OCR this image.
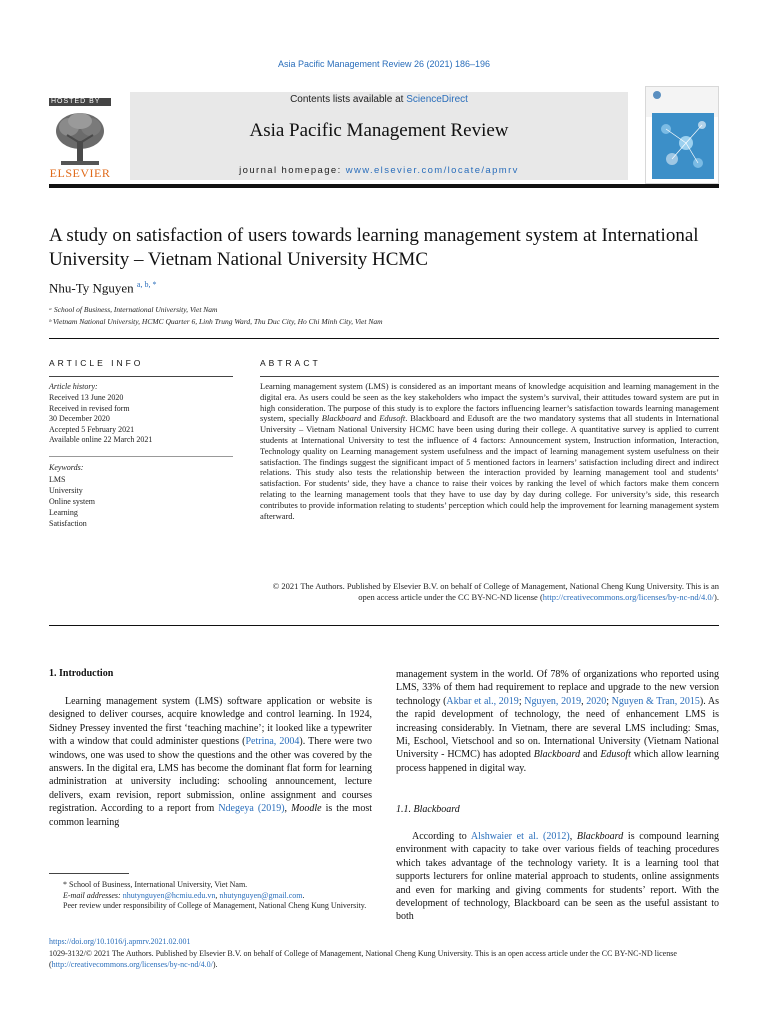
Asia Pacific Management Review 26 (2021) 186–196
HOSTED BY
ELSEVIER
Contents lists available at ScienceDirect
Asia Pacific Management Review
journal homepage: www.elsevier.com/locate/apmrv
A study on satisfaction of users towards learning management system at International University – Vietnam National University HCMC
Nhu-Ty Nguyen $^{a, b, *}$
ᵃ School of Business, International University, Viet Nam
ᵇ Vietnam National University, HCMC Quarter 6, Linh Trung Ward, Thu Duc City, Ho Chi Minh City, Viet Nam
ARTICLE INFO
Article history:
Received 13 June 2020
Received in revised form
30 December 2020
Accepted 5 February 2021
Available online 22 March 2021
Keywords:
LMS
University
Online system
Learning
Satisfaction
ABTRACT
Learning management system (LMS) is considered as an important means of knowledge acquisition and learning management in the digital era. As users could be seen as the key stakeholders who impact the system’s survival, their attitudes toward system are put in high consideration. The purpose of this study is to explore the factors influencing learner’s satisfaction towards learning management system, specially Blackboard and Edusoft. Blackboard and Edusoft are the two mandatory systems that all students in International University – Vietnam National University HCMC have been using during their college. A quantitative survey is applied to current students at International University to test the influence of 4 factors: Announcement system, Instruction information, Interaction, Technology quality on Learning management system usefulness and the impact of learning management system usefulness on their satisfaction. The findings suggest the significant impact of 5 mentioned factors in learners’ satisfaction including direct and indirect relations. This study also tests the relationship between the interaction provided by learning management tool and students’ satisfaction. For students’ side, they have a chance to raise their voices by ranking the level of which factors make them concern relating to the learning management tools that they have to use day by day during college. For university’s side, this research contributes to provide information relating to students’ perception which could help the improvement for learning management system afterward.
© 2021 The Authors. Published by Elsevier B.V. on behalf of College of Management, National Cheng Kung University. This is an open access article under the CC BY-NC-ND license (http://creativecommons.org/licenses/by-nc-nd/4.0/).
1. Introduction

Learning management system (LMS) software application or website is designed to deliver courses, acquire knowledge and control learning. In 1924, Sidney Pressey invented the first ‘teaching machine’; it looked like a typewriter with a window that could administer questions (Petrina, 2004). There were two windows, one was used to show the questions and the other was covered by the answers. In the digital era, LMS has become the dominant flat form for learning administration at university including: schooling announcement, lecture delivers, exam revision, report submission, online assignment and courses registration. According to a report from Ndegeya (2019), Moodle is the most common learning

management system in the world. Of 78% of organizations who reported using LMS, 33% of them had requirement to replace and upgrade to the new version technology (Akbar et al., 2019; Nguyen, 2019, 2020; Nguyen & Tran, 2015). As the rapid development of technology, the need of enhancement LMS is increasing considerably. In Vietnam, there are several LMS including: Smas, Mi, Eschool, Vietschool and so on. International University (Vietnam National University - HCMC) has adopted Blackboard and Edusoft which allow learning process happened in digital way.

1.1. Blackboard

According to Alshwaier et al. (2012), Blackboard is compound learning environment with capacity to take over various fields of teaching procedures which takes advantage of the technology variety. It is a learning tool that supports lecturers for online material approach to students, online assignments and even for marking and giving comments for students’ report. With the development of technology, Blackboard can be seen as the useful assistant to both

* School of Business, International University, Viet Nam.
E-mail addresses: nhutynguyen@hcmiu.edu.vn, nhutynguyen@gmail.com.
Peer review under responsibility of College of Management, National Cheng Kung University.
https://doi.org/10.1016/j.apmrv.2021.02.001
1029-3132/© 2021 The Authors. Published by Elsevier B.V. on behalf of College of Management, National Cheng Kung University. This is an open access article under the CC BY-NC-ND license (http://creativecommons.org/licenses/by-nc-nd/4.0/).
